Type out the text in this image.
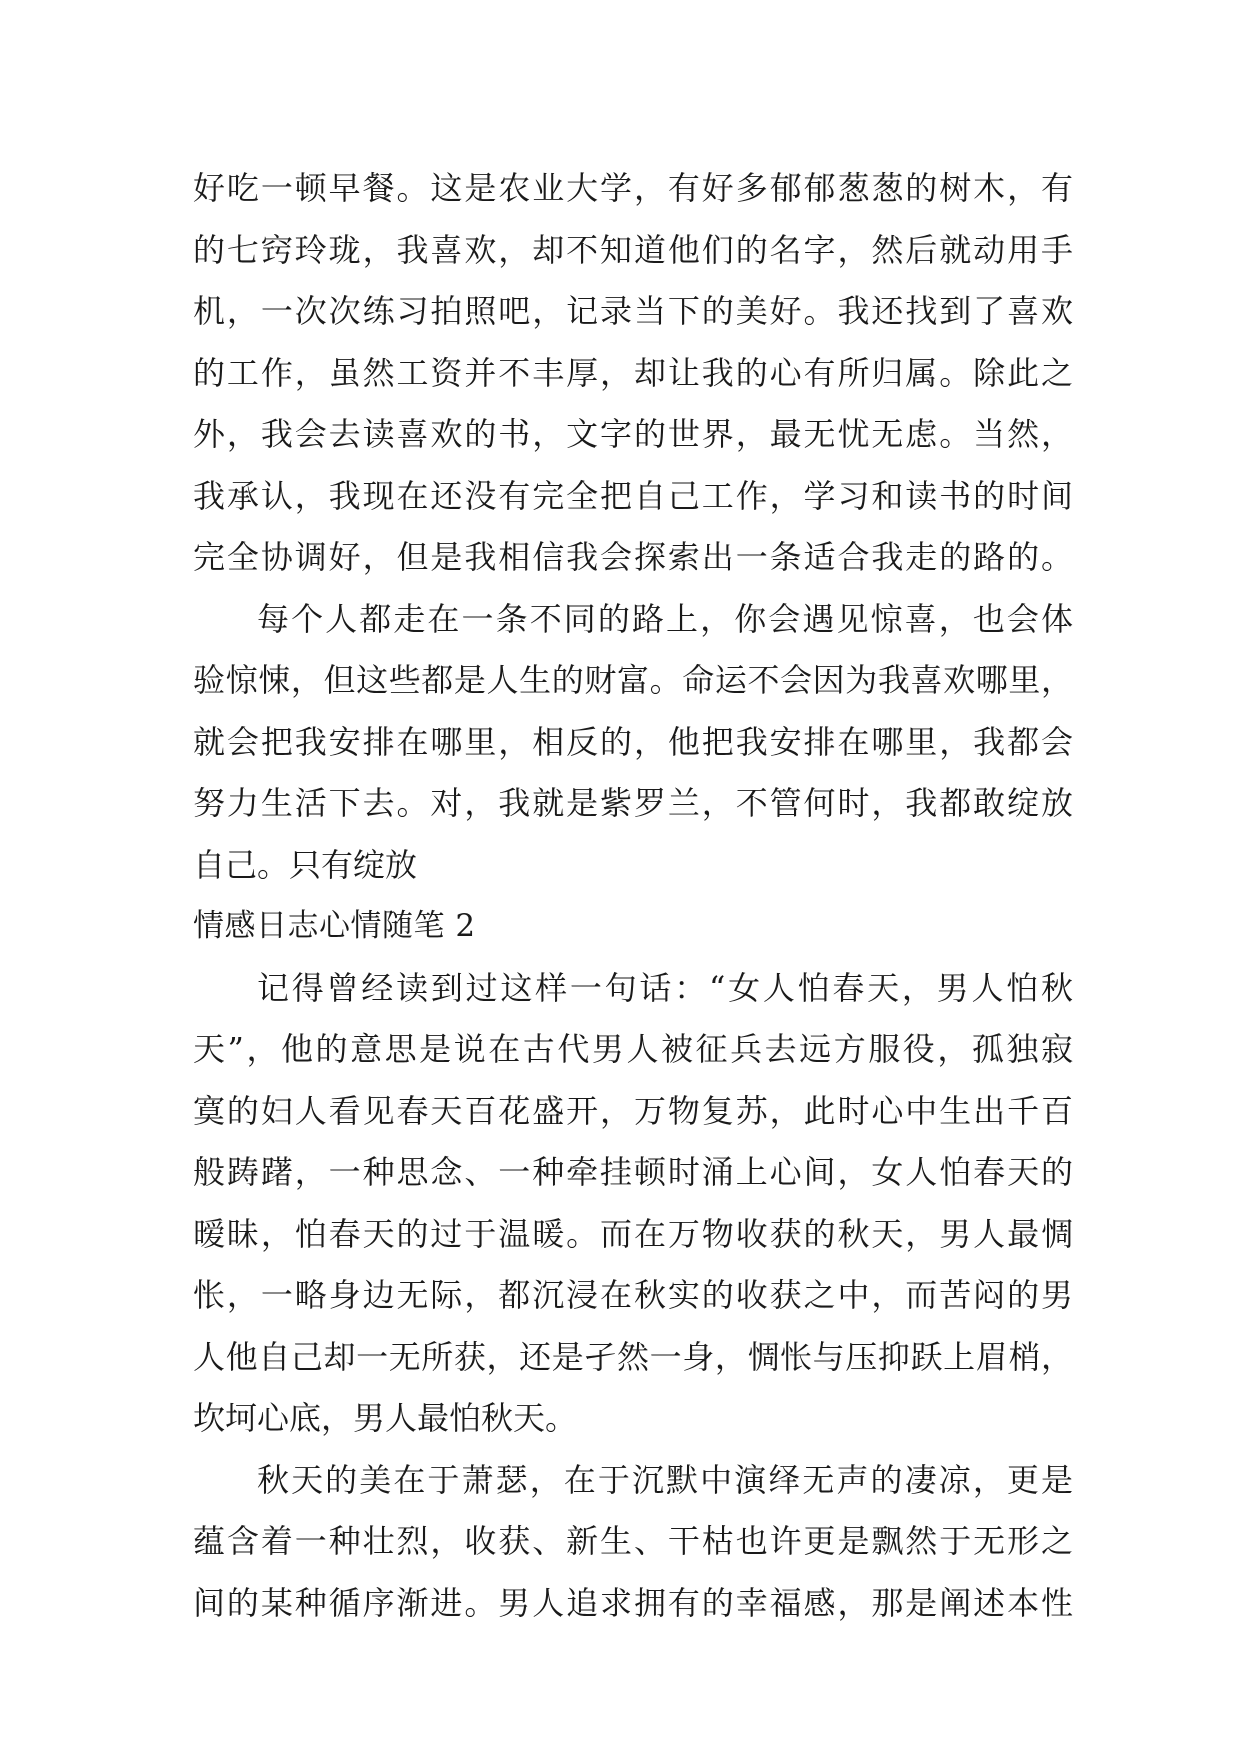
好吃一顿早餐。这是农业大学，有好多郁郁葱葱的树木，有
的七窍玲珑，我喜欢，却不知道他们的名字，然后就动用手
机，一次次练习拍照吧，记录当下的美好。我还找到了喜欢
的工作，虽然工资并不丰厚，却让我的心有所归属。除此之
外，我会去读喜欢的书，文字的世界，最无忧无虑。当然，
我承认，我现在还没有完全把自己工作，学习和读书的时间
完全协调好，但是我相信我会探索出一条适合我走的路的。
每个人都走在一条不同的路上，你会遇见惊喜，也会体
验惊悚，但这些都是人生的财富。命运不会因为我喜欢哪里，
就会把我安排在哪里，相反的，他把我安排在哪里，我都会
努力生活下去。对，我就是紫罗兰，不管何时，我都敢绽放
自己。只有绽放
情感日志心情随笔 2
记得曾经读到过这样一句话：“女人怕春天，男人怕秋
天”，他的意思是说在古代男人被征兵去远方服役，孤独寂
寞的妇人看见春天百花盛开，万物复苏，此时心中生出千百
般踌躇，一种思念、一种牵挂顿时涌上心间，女人怕春天的
暧昧，怕春天的过于温暖。而在万物收获的秋天，男人最惆
怅，一略身边无际，都沉浸在秋实的收获之中，而苦闷的男
人他自己却一无所获，还是孑然一身，惆怅与压抑跃上眉梢，
坎坷心底，男人最怕秋天。
秋天的美在于萧瑟，在于沉默中演绎无声的凄凉，更是
蕴含着一种壮烈，收获、新生、干枯也许更是飘然于无形之
间的某种循序渐进。男人追求拥有的幸福感，那是阐述本性
